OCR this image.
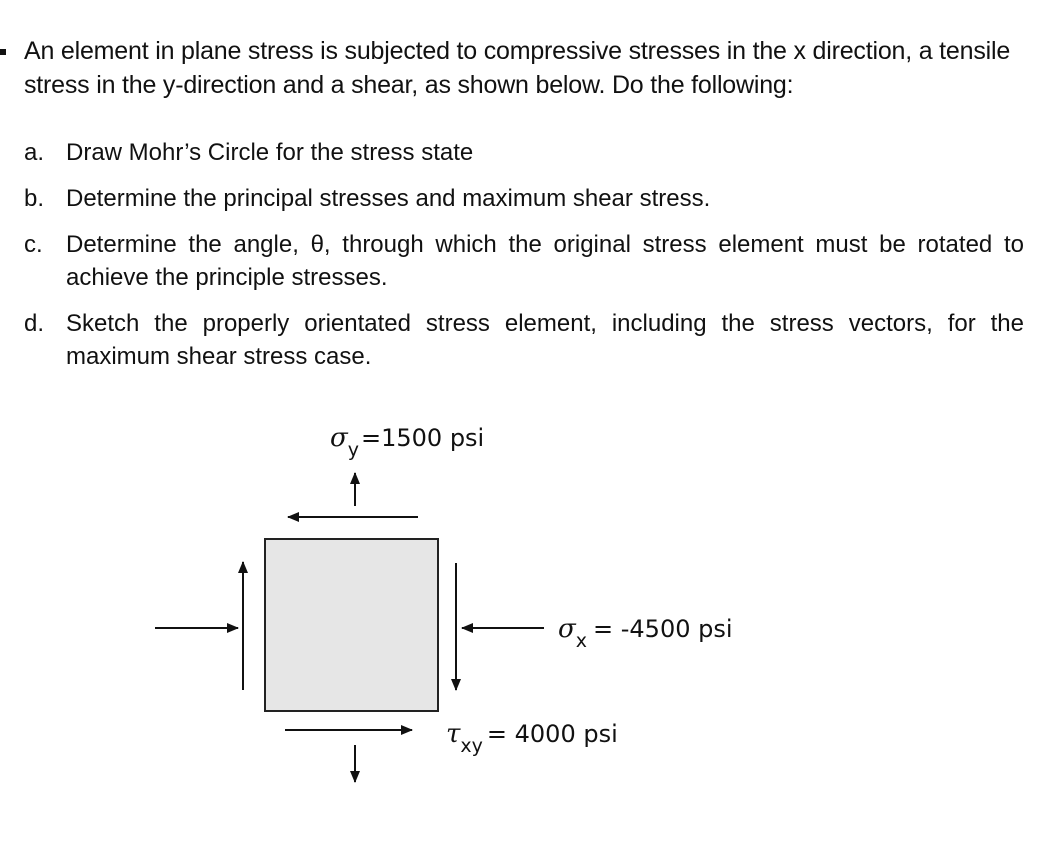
An element in plane stress is subjected to compressive stresses in the x direction, a tensile stress in the y-direction and a shear, as shown below. Do the following:
a. Draw Mohr’s Circle for the stress state
b. Determine the principal stresses and maximum shear stress.
c. Determine the angle, θ, through which the original stress element must be rotated to achieve the principle stresses.
d. Sketch the properly orientated stress element, including the stress vectors, for the maximum shear stress case.
σy=1500 psi
σx = -4500 psi
τxy = 4000 psi
